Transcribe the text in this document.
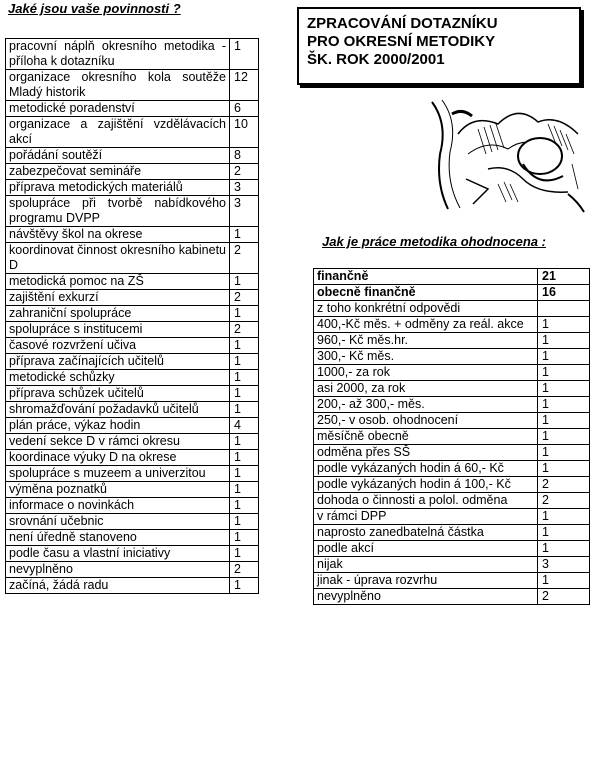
Jaké jsou vaše povinnosti ?
pracovní náplň okresního metodika - příloha k dotazníku	1
organizace okresního kola soutěže Mladý historik	12
metodické poradenství	6
organizace a zajištění vzdělávacích akcí	10
pořádání soutěží	8
zabezpečovat semináře	2
příprava metodických materiálů	3
spolupráce při tvorbě nabídkového programu DVPP	3
návštěvy škol na okrese	1
koordinovat činnost okresního kabinetu D	2
metodická pomoc na ZŠ	1
zajištění exkurzí	2
zahraniční spolupráce	1
spolupráce s institucemi	2
časové rozvržení učiva	1
příprava začínajících učitelů	1
metodické schůzky	1
příprava schůzek učitelů	1
shromažďování požadavků učitelů	1
plán práce, výkaz hodin	4
vedení sekce D v rámci okresu	1
koordinace výuky D na okrese	1
spolupráce s muzeem a univerzitou	1
výměna poznatků	1
informace o novinkách	1
srovnání učebnic	1
není úředně stanoveno	1
podle času a vlastní iniciativy	1
nevyplněno	2
začíná, žádá radu	1
ZPRACOVÁNÍ DOTAZNÍKU
PRO OKRESNÍ METODIKY
ŠK. ROK 2000/2001
Jak je práce metodika ohodnocena :
finančně	21
obecně finančně	16
z toho konkrétní odpovědi	
400,-Kč měs. + odměny za reál. akce	1
960,- Kč měs.hr.	1
300,- Kč měs.	1
1000,- za rok	1
asi 2000, za rok	1
200,- až 300,- měs.	1
250,- v osob. ohodnocení	1
měsíčně obecně	1
odměna přes SŠ	1
podle vykázaných hodin á 60,- Kč	1
podle vykázaných hodin á 100,- Kč	2
dohoda o činnosti a polol. odměna	2
v rámci DPP	1
naprosto zanedbatelná částka	1
podle akcí	1
nijak	3
jinak - úprava rozvrhu	1
nevyplněno	2
